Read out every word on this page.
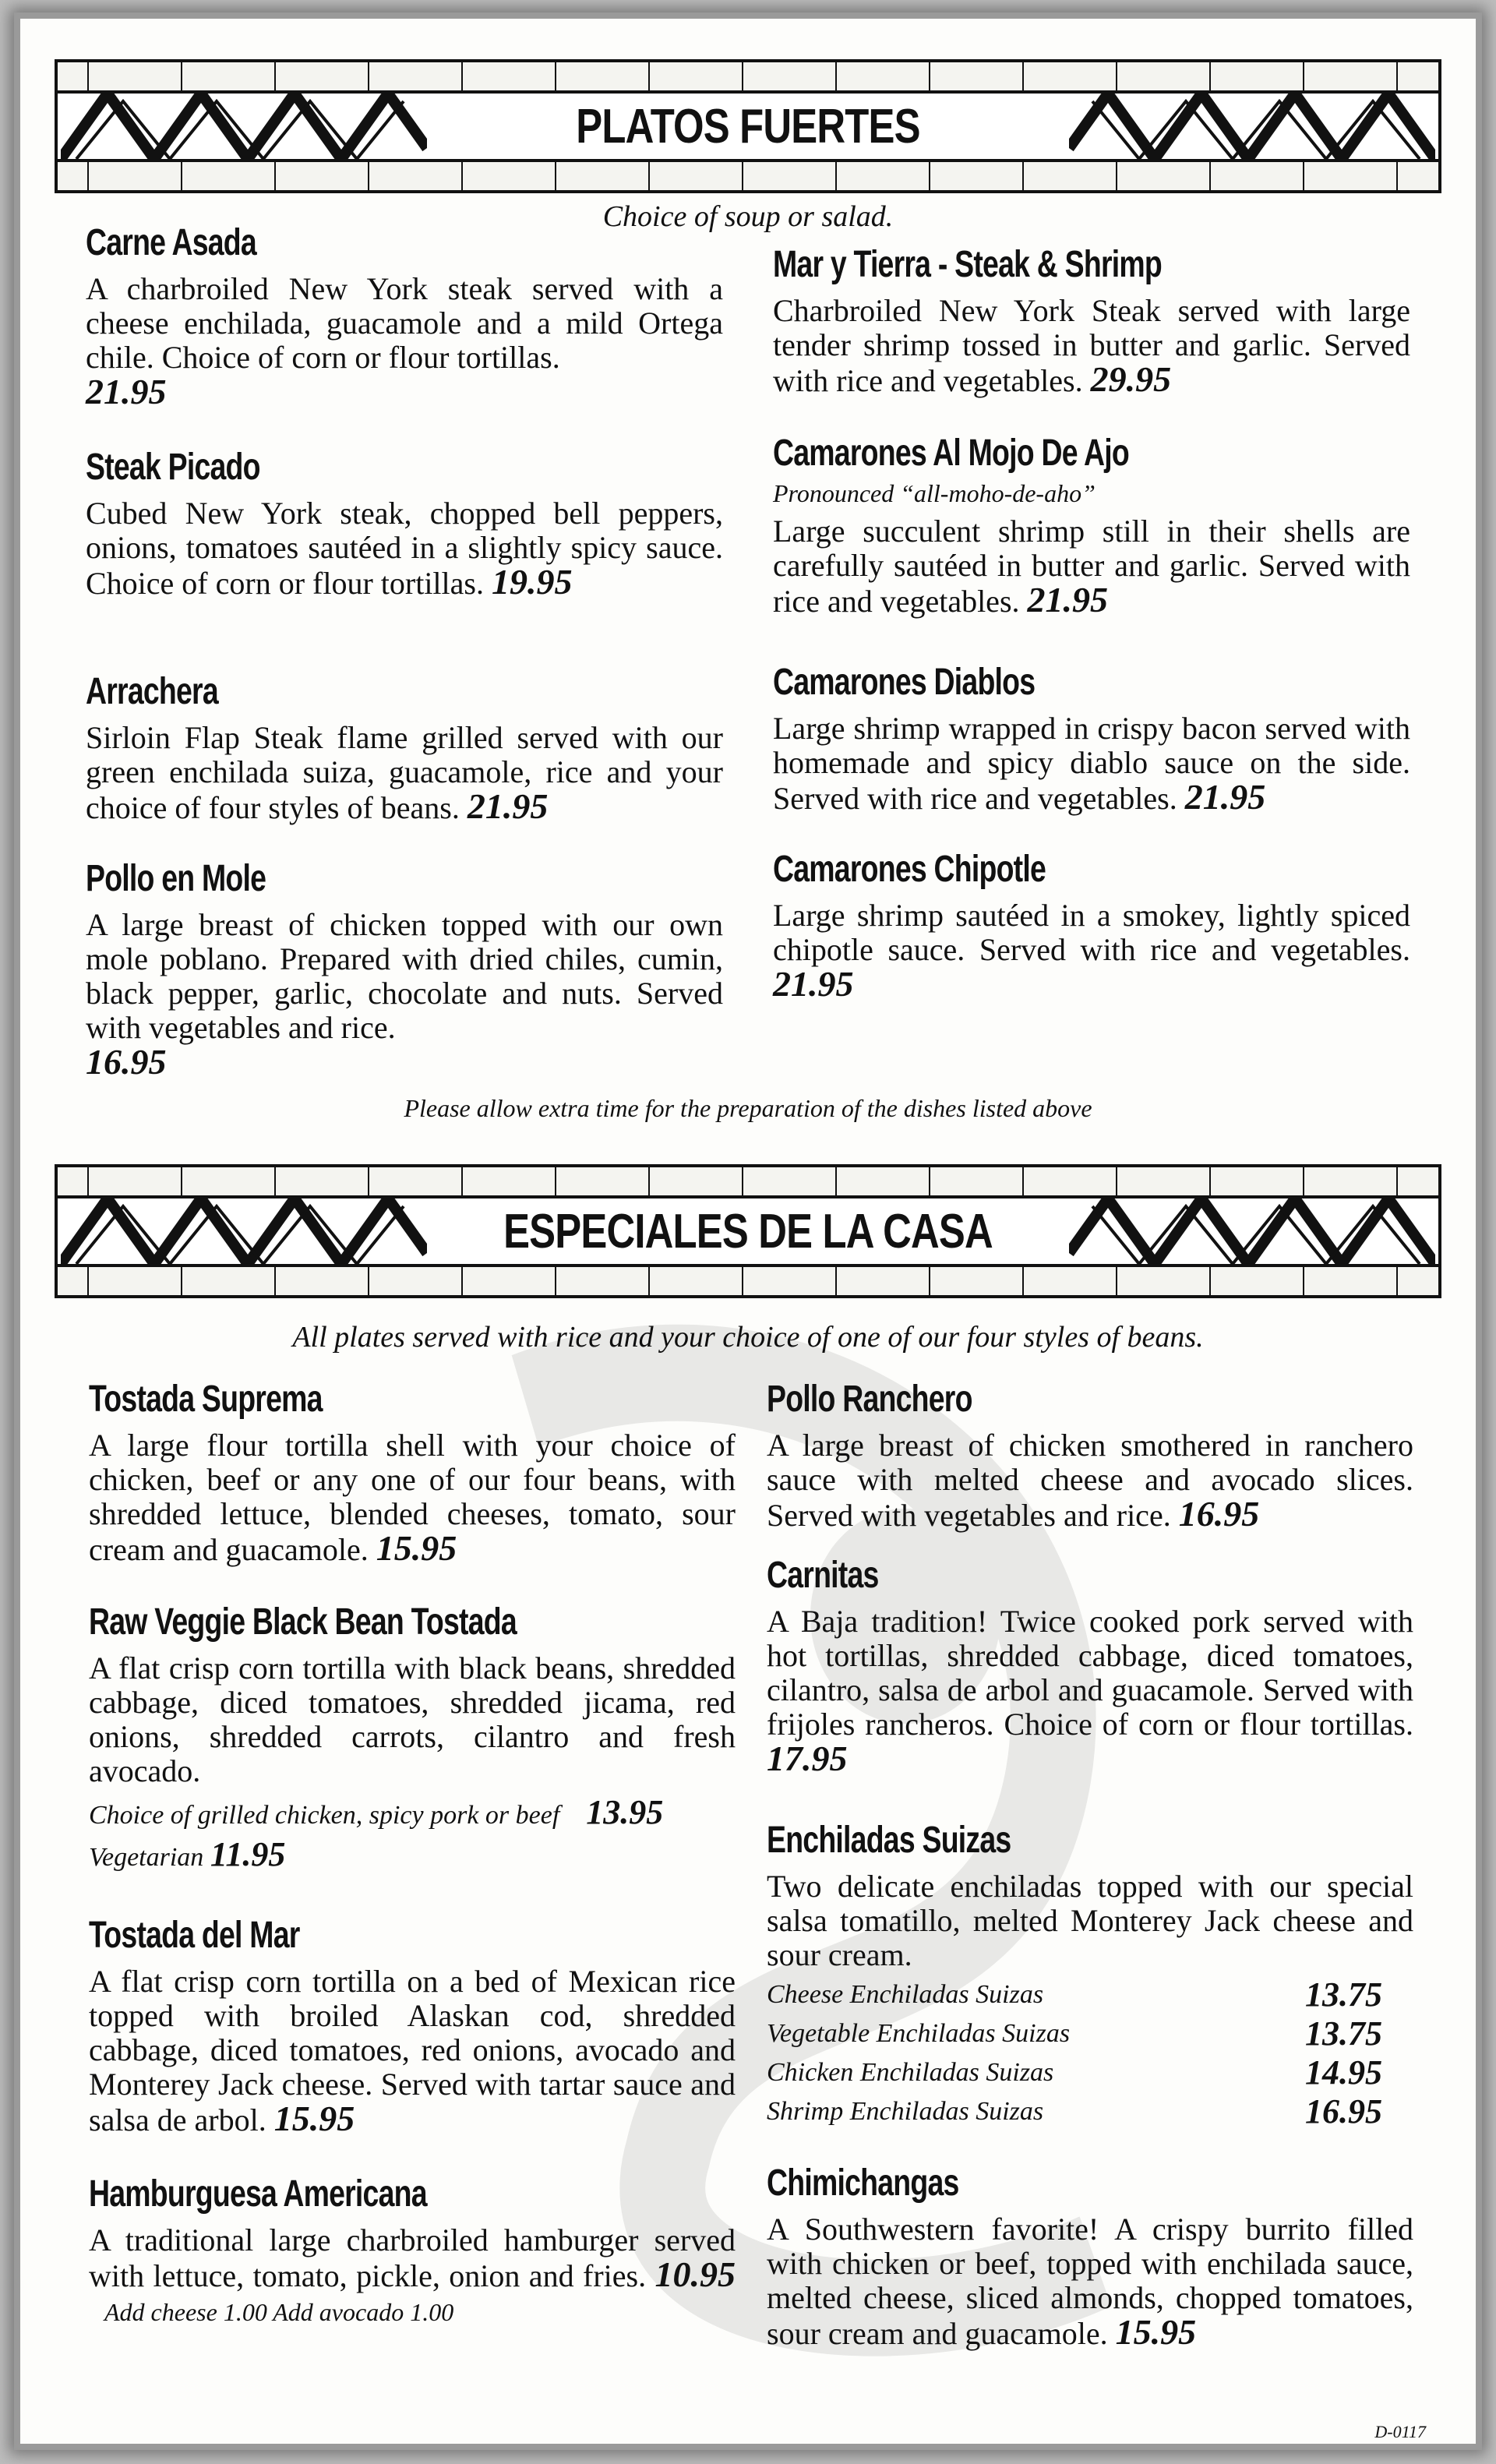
PLATOS FUERTES
Choice of soup or salad.
Carne Asada

A charbroiled New York steak served with a cheese enchilada, guacamole and a mild Ortega chile. Choice of corn or flour tortillas.
21.95

Steak Picado

Cubed New York steak, chopped bell peppers, onions, tomatoes sautéed in a slightly spicy sauce. Choice of corn or flour tortillas. 19.95

Arrachera

Sirloin Flap Steak flame grilled served with our green enchilada suiza, guacamole, rice and your choice of four styles of beans. 21.95

Pollo en Mole

A large breast of chicken topped with our own mole poblano. Prepared with dried chiles, cumin, black pepper, garlic, chocolate and nuts. Served with vegetables and rice.
16.95

Mar y Tierra - Steak & Shrimp

Charbroiled New York Steak served with large tender shrimp tossed in butter and garlic. Served with rice and vegetables. 29.95

Camarones Al Mojo De Ajo
Pronounced “all-moho-de-aho”

Large succulent shrimp still in their shells are carefully sautéed in butter and garlic. Served with rice and vegetables. 21.95

Camarones Diablos

Large shrimp wrapped in crispy bacon served with homemade and spicy diablo sauce on the side. Served with rice and vegetables. 21.95

Camarones Chipotle

Large shrimp sautéed in a smokey, lightly spiced chipotle sauce. Served with rice and vegetables. 21.95

Please allow extra time for the preparation of the dishes listed above
ESPECIALES DE LA CASA
All plates served with rice and your choice of one of our four styles of beans.
Tostada Suprema

A large flour tortilla shell with your choice of chicken, beef or any one of our four beans, with shredded lettuce, blended cheeses, tomato, sour cream and guacamole. 15.95

Raw Veggie Black Bean Tostada

A flat crisp corn tortilla with black beans, shredded cabbage, diced tomatoes, shredded jicama, red onions, shredded carrots, cilantro and fresh avocado.

Choice of grilled chicken, spicy pork or beef 13.95
Vegetarian 11.95
Tostada del Mar

A flat crisp corn tortilla on a bed of Mexican rice topped with broiled Alaskan cod, shredded cabbage, diced tomatoes, red onions, avocado and Monterey Jack cheese. Served with tartar sauce and salsa de arbol. 15.95

Hamburguesa Americana

A traditional large charbroiled hamburger served with lettuce, tomato, pickle, onion and fries. 10.95   Add cheese 1.00 Add avocado 1.00

Pollo Ranchero

A large breast of chicken smothered in ranchero sauce with melted cheese and avocado slices. Served with vegetables and rice. 16.95

Carnitas

A Baja tradition! Twice cooked pork served with hot tortillas, shredded cabbage, diced tomatoes, cilantro, salsa de arbol and guacamole. Served with frijoles rancheros. Choice of corn or flour tortillas. 17.95

Enchiladas Suizas

Two delicate enchiladas topped with our special salsa tomatillo, melted Monterey Jack cheese and sour cream.

Cheese Enchiladas Suizas	13.75
Vegetable Enchiladas Suizas	13.75
Chicken Enchiladas Suizas	14.95
Shrimp Enchiladas Suizas	16.95
Chimichangas

A Southwestern favorite! A crispy burrito filled with chicken or beef, topped with enchilada sauce, melted cheese, sliced almonds, chopped tomatoes, sour cream and guacamole. 15.95

D-0117
